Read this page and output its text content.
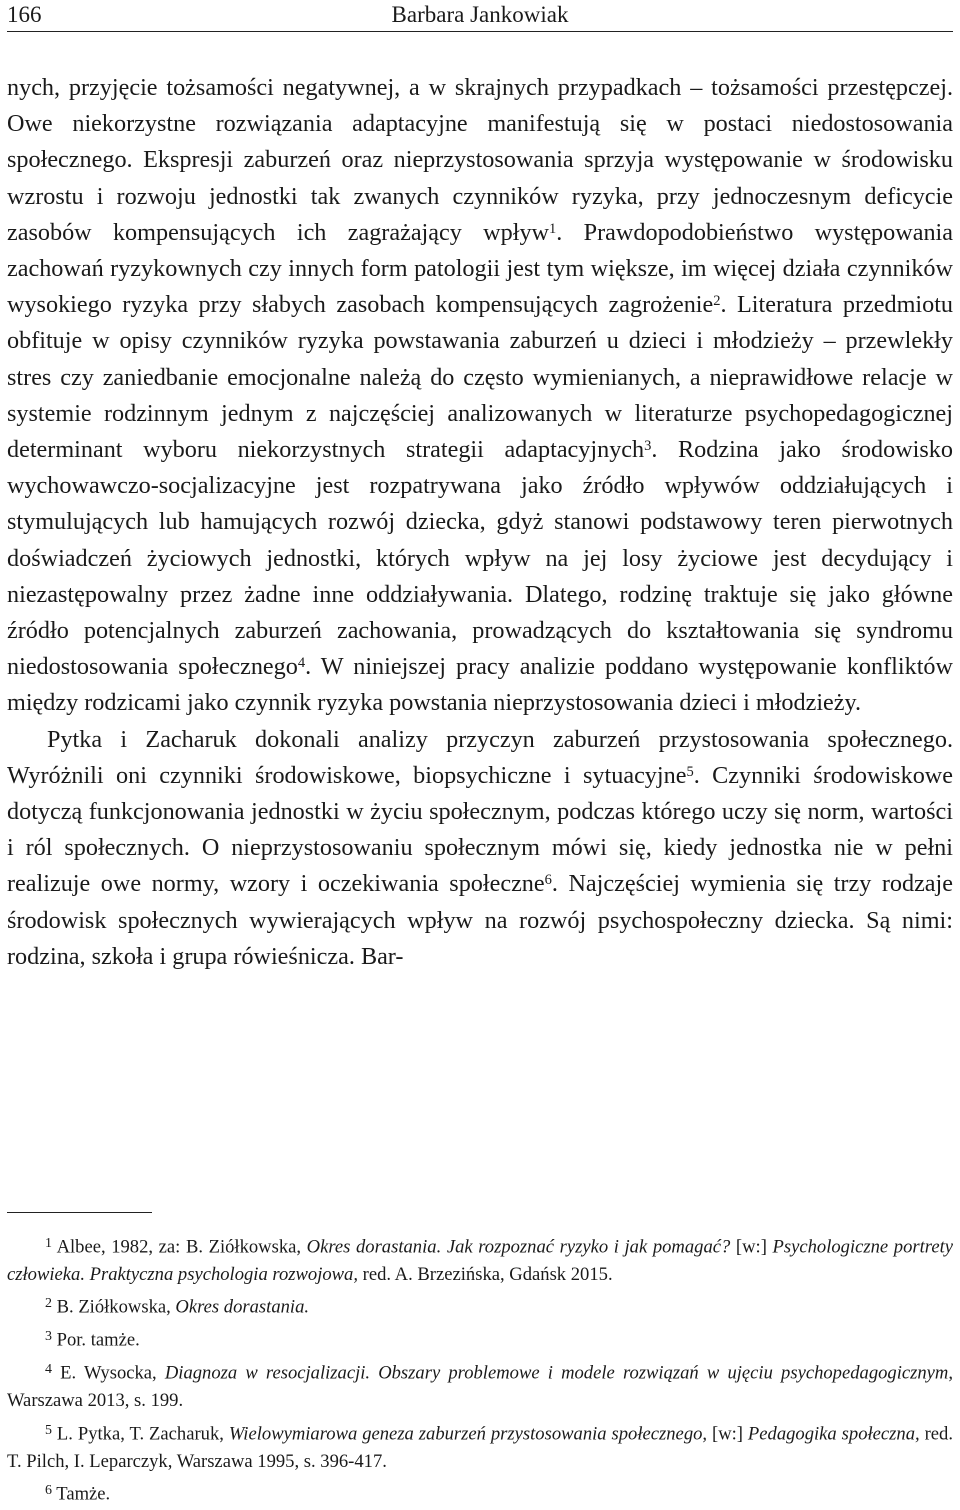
166	Barbara Jankowiak

nych, przyjęcie tożsamości negatywnej, a w skrajnych przypadkach – tożsamości przestępczej. Owe niekorzystne rozwiązania adaptacyjne manifestują się w postaci niedostosowania społecznego. Ekspresji zaburzeń oraz nieprzystosowania sprzyja występowanie w środowisku wzrostu i rozwoju jednostki tak zwanych czynników ryzyka, przy jednoczesnym deficycie zasobów kompensujących ich zagrażający wpływ$^1$. Prawdopodobieństwo występowania zachowań ryzykownych czy innych form patologii jest tym większe, im więcej działa czynników wysokiego ryzyka przy słabych zasobach kompensujących zagrożenie$^2$. Literatura przedmiotu obfituje w opisy czynników ryzyka powstawania zaburzeń u dzieci i młodzieży – przewlekły stres czy zaniedbanie emocjonalne należą do często wymienianych, a nieprawidłowe relacje w systemie rodzinnym jednym z najczęściej analizowanych w literaturze psychopedagogicznej determinant wyboru niekorzystnych strategii adaptacyjnych$^3$. Rodzina jako środowisko wychowawczo-socjalizacyjne jest rozpatrywana jako źródło wpływów oddziałujących i stymulujących lub hamujących rozwój dziecka, gdyż stanowi podstawowy teren pierwotnych doświadczeń życiowych jednostki, których wpływ na jej losy życiowe jest decydujący i niezastępowalny przez żadne inne oddziaływania. Dlatego, rodzinę traktuje się jako główne źródło potencjalnych zaburzeń zachowania, prowadzących do kształtowania się syndromu niedostosowania społecznego$^4$. W niniejszej pracy analizie poddano występowanie konfliktów między rodzicami jako czynnik ryzyka powstania nieprzystosowania dzieci i młodzieży.

Pytka i Zacharuk dokonali analizy przyczyn zaburzeń przystosowania społecznego. Wyróżnili oni czynniki środowiskowe, biopsychiczne i sytuacyjne$^5$. Czynniki środowiskowe dotyczą funkcjonowania jednostki w życiu społecznym, podczas którego uczy się norm, wartości i ról społecznych. O nieprzystosowaniu społecznym mówi się, kiedy jednostka nie w pełni realizuje owe normy, wzory i oczekiwania społeczne$^6$. Najczęściej wymienia się trzy rodzaje środowisk społecznych wywierających wpływ na rozwój psychospołeczny dziecka. Są nimi: rodzina, szkoła i grupa rówieśnicza. Bar-

$^1$ Albee, 1982, za: B. Ziółkowska, Okres dorastania. Jak rozpoznać ryzyko i jak pomagać? [w:] Psychologiczne portrety człowieka. Praktyczna psychologia rozwojowa, red. A. Brzezińska, Gdańsk 2015.

$^2$ B. Ziółkowska, Okres dorastania.

$^3$ Por. tamże.

$^4$ E. Wysocka, Diagnoza w resocjalizacji. Obszary problemowe i modele rozwiązań w ujęciu psychopedagogicznym, Warszawa 2013, s. 199.

$^5$ L. Pytka, T. Zacharuk, Wielowymiarowa geneza zaburzeń przystosowania społecznego, [w:] Pedagogika społeczna, red. T. Pilch, I. Leparczyk, Warszawa 1995, s. 396-417.

$^6$ Tamże.
